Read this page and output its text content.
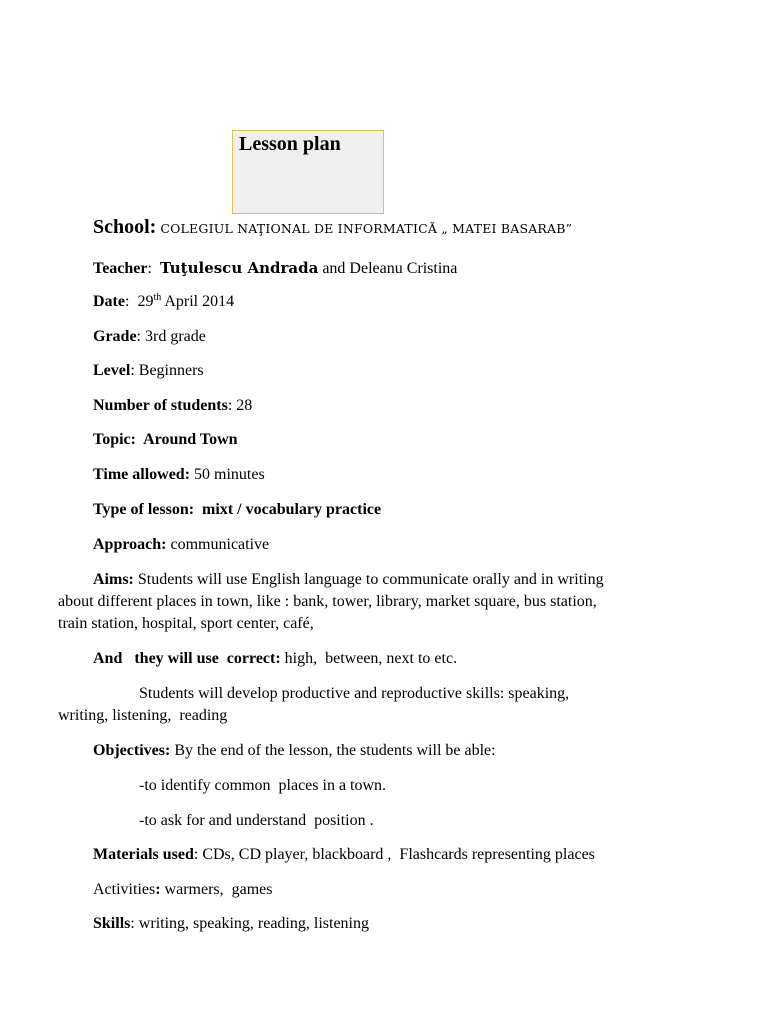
Lesson plan
School: COLEGIUL NAŢIONAL DE INFORMATICĂ „ MATEI BASARAB”
Teacher: Tuţulescu Andrada and Deleanu Cristina
Date: 29th April 2014
Grade: 3rd grade
Level: Beginners
Number of students: 28
Topic:  Around Town
Time allowed: 50 minutes
Type of lesson:  mixt / vocabulary practice
Approach: communicative
Aims: Students will use English language to communicate orally and in writing
about different places in town, like : bank, tower, library, market square, bus station,
train station, hospital, sport center, café,
And   they will use  correct: high,  between, next to etc.
Students will develop productive and reproductive skills: speaking,
writing, listening,  reading
Objectives: By the end of the lesson, the students will be able:
-to identify common  places in a town.
-to ask for and understand  position .
Materials used: CDs, CD player, blackboard ,  Flashcards representing places
Activities: warmers,  games
Skills: writing, speaking, reading, listening
